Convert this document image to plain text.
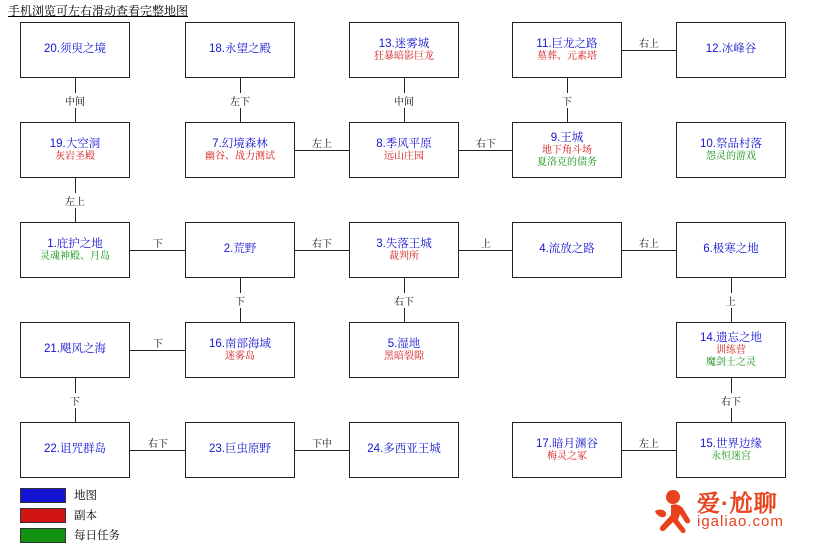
手机浏览可左右滑动查看完整地图
中间	左下	中间	下
右上
左上	右下
左上
下	右下	上	右上
下	右下
下
下
上
右下
左上
右下	下中
20.须臾之境	18.永望之殿	13.迷雾城
狂暴暗影巨龙
11.巨龙之路
墓葬、元素塔
12.冰峰谷
19.大空洞
灰岩圣殿
7.幻境森林
幽谷、战力测试
8.季风平原
远山庄园
9.王城
地下角斗场
夏洛克的债务
10.祭品村落
怨灵的游戏
1.庇护之地
灵魂神殿、月岛
2.荒野	3.失落王城
裁判所
4.流放之路	6.极寒之地
21.飓风之海	16.南部海域
迷雾岛
5.湿地
黑暗裂隙
14.遗忘之地
训练营
魔剑士之灵
22.诅咒群岛	23.巨虫原野	24.多西亚王城	17.暗月渊谷
梅灵之冢
15.世界边缘
永恒迷宫
地图
副本
每日任务
爱·尬聊
igaliao.com
